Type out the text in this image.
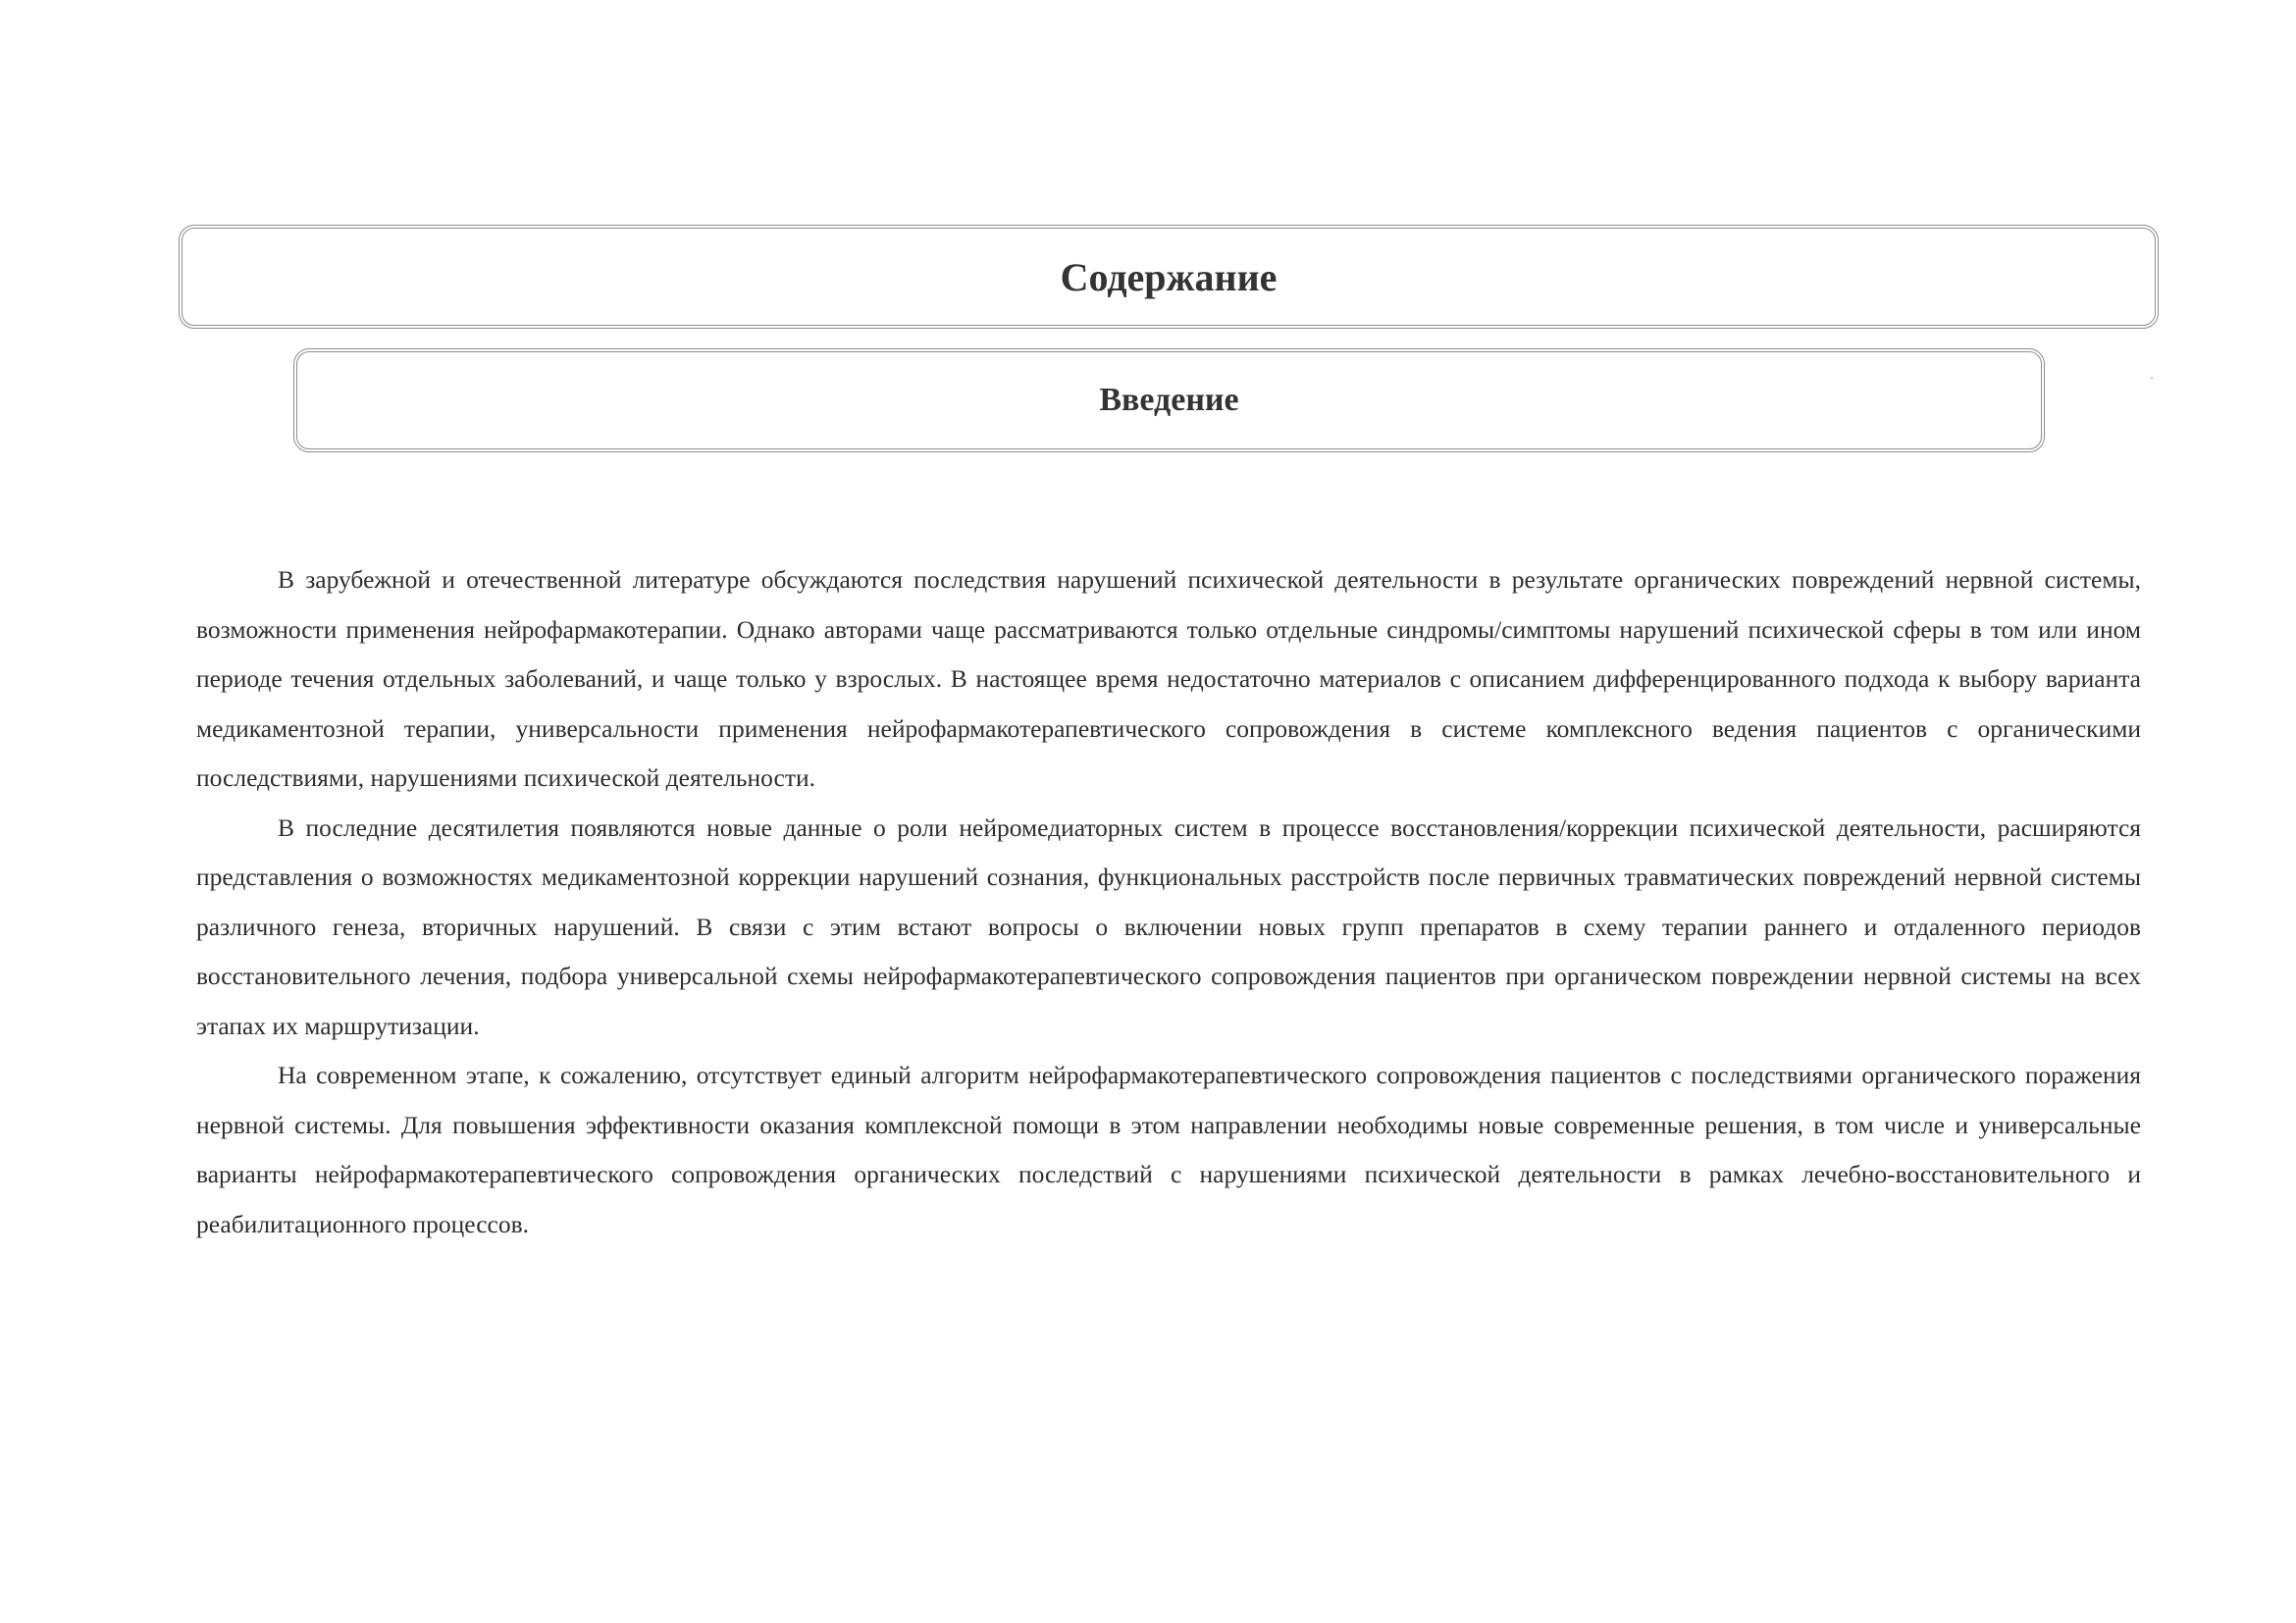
Содержание
Введение

В зарубежной и отечественной литературе обсуждаются последствия нарушений психической деятельности в результате органических повреждений нервной системы, возможности применения нейрофармакотерапии. Однако авторами чаще рассматриваются только отдельные синдромы/симптомы нарушений психической сферы в том или ином периоде течения отдельных заболеваний, и чаще только у взрослых. В настоящее время недостаточно материалов с описанием дифференцированного подхода к выбору варианта медикаментозной терапии, универсальности применения нейрофармакотерапевтического сопровождения в системе комплексного ведения пациентов с органическими последствиями, нарушениями психической деятельности.

В последние десятилетия появляются новые данные о роли нейромедиаторных систем в процессе восстановления/коррекции психической деятельности, расширяются представления о возможностях медикаментозной коррекции нарушений сознания, функциональных расстройств после первичных травматических повреждений нервной системы различного генеза, вторичных нарушений. В связи с этим встают вопросы о включении новых групп препаратов в схему терапии раннего и отдаленного периодов восстановительного лечения, подбора универсальной схемы нейрофармакотерапевтического сопровождения пациентов при органическом повреждении нервной системы на всех этапах их маршрутизации.

На современном этапе, к сожалению, отсутствует единый алгоритм нейрофармакотерапевтического сопровождения пациентов с последствиями органического поражения нервной системы. Для повышения эффективности оказания комплексной помощи в этом направлении необходимы новые современные решения, в том числе и универсальные варианты нейрофармакотерапевтического сопровождения органических последствий с нарушениями психической деятельности в рамках лечебно-восстановительного и реабилитационного процессов.
